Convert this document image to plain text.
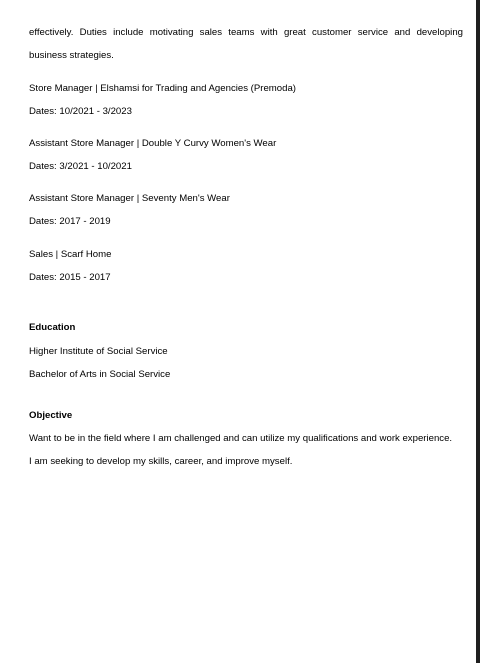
effectively. Duties include motivating sales teams with great customer service and developing

business strategies.

Store Manager | Elshamsi for Trading and Agencies (Premoda)

Dates: 10/2021 - 3/2023

Assistant Store Manager | Double Y Curvy Women's Wear

Dates: 3/2021 - 10/2021

Assistant Store Manager | Seventy Men's Wear

Dates: 2017 - 2019

Sales | Scarf Home

Dates: 2015 - 2017

Education

Higher Institute of Social Service

Bachelor of Arts in Social Service

Objective

Want to be in the field where I am challenged and can utilize my qualifications and work experience.

I am seeking to develop my skills, career, and improve myself.
